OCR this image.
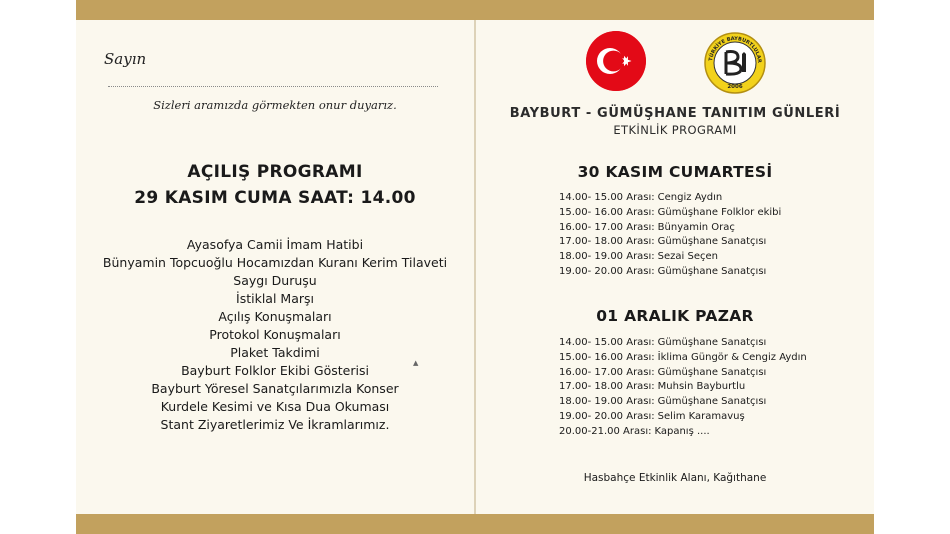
Sayın
Sizleri aramızda görmekten onur duyarız.
AÇILIŞ PROGRAMI
29 KASIM CUMA SAAT: 14.00
Ayasofya Camii İmam Hatibi
Bünyamin Topcuoğlu Hocamızdan Kuranı Kerim Tilaveti
Saygı Duruşu
İstiklal Marşı
Açılış Konuşmaları
Protokol Konuşmaları
Plaket Takdimi
Bayburt Folklor Ekibi Gösterisi
Bayburt Yöresel Sanatçılarımızla Konser
Kurdele Kesimi ve Kısa Dua Okuması
Stant Ziyaretlerimiz Ve İkramlarımız.
▲
TÜRKİYE BAYBURTLULAR
ꞏ
2006
BAYBURT - GÜMÜŞHANE TANITIM GÜNLERİ
ETKİNLİK PROGRAMI
30 KASIM CUMARTESİ
14.00- 15.00 Arası: Cengiz Aydın
15.00- 16.00 Arası: Gümüşhane Folklor ekibi
16.00- 17.00 Arası: Bünyamin Oraç
17.00- 18.00 Arası: Gümüşhane Sanatçısı
18.00- 19.00 Arası: Sezai Seçen
19.00- 20.00 Arası: Gümüşhane Sanatçısı
01 ARALIK PAZAR
14.00- 15.00 Arası: Gümüşhane Sanatçısı
15.00- 16.00 Arası: İklima Güngör & Cengiz Aydın
16.00- 17.00 Arası: Gümüşhane Sanatçısı
17.00- 18.00 Arası: Muhsin Bayburtlu
18.00- 19.00 Arası: Gümüşhane Sanatçısı
19.00- 20.00 Arası: Selim Karamavuş
20.00-21.00 Arası: Kapanış ....
Hasbahçe Etkinlik Alanı, Kağıthane
